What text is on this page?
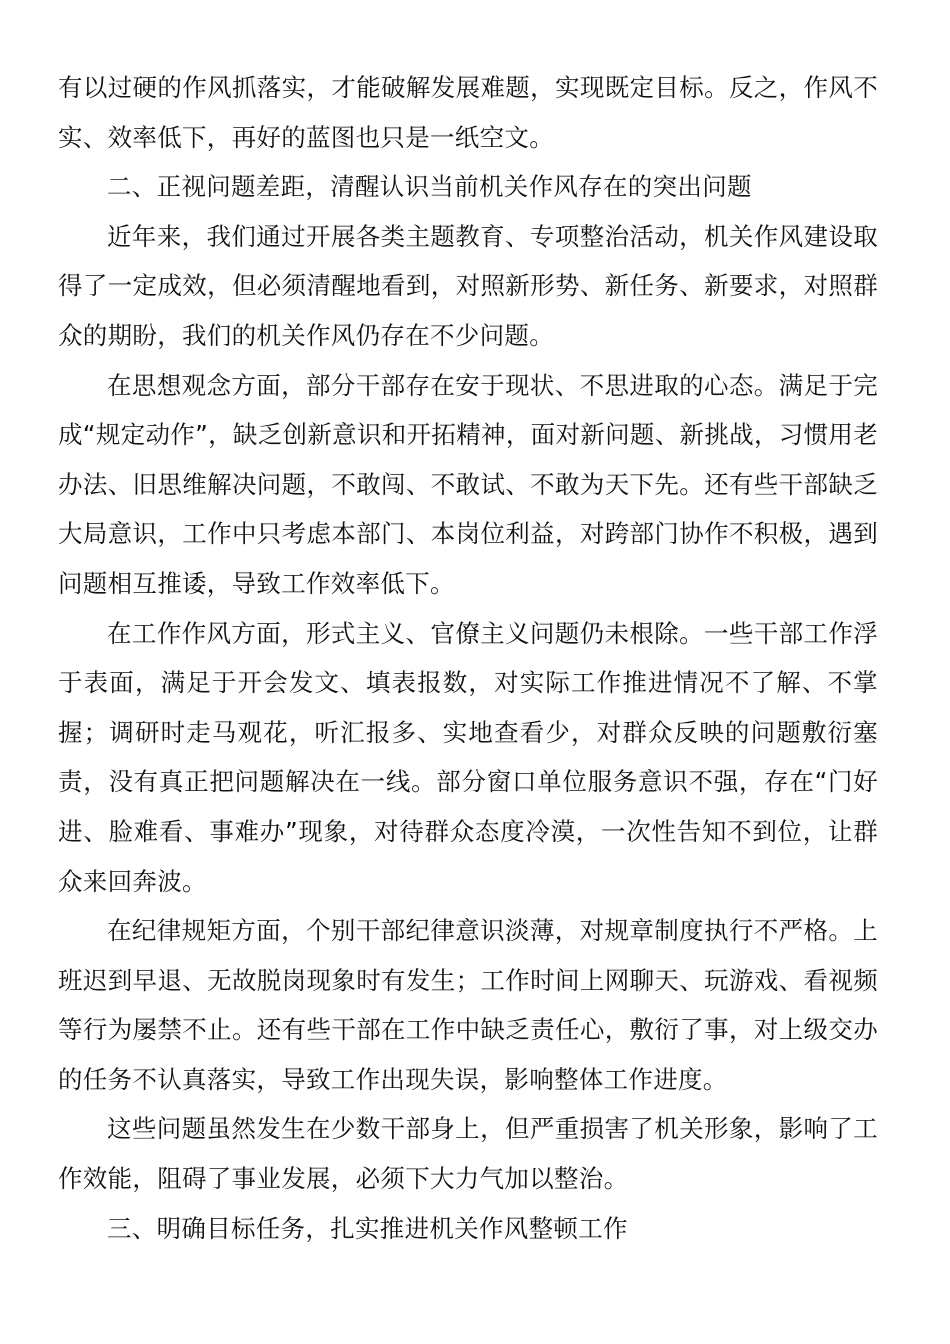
有以过硬的作风抓落实，才能破解发展难题，实现既定目标。反之，作风不实、效率低下，再好的蓝图也只是一纸空文。

二、正视问题差距，清醒认识当前机关作风存在的突出问题

近年来，我们通过开展各类主题教育、专项整治活动，机关作风建设取得了一定成效，但必须清醒地看到，对照新形势、新任务、新要求，对照群众的期盼，我们的机关作风仍存在不少问题。

在思想观念方面，部分干部存在安于现状、不思进取的心态。满足于完成“规定动作”，缺乏创新意识和开拓精神，面对新问题、新挑战，习惯用老办法、旧思维解决问题，不敢闯、不敢试、不敢为天下先。还有些干部缺乏大局意识，工作中只考虑本部门、本岗位利益，对跨部门协作不积极，遇到问题相互推诿，导致工作效率低下。

在工作作风方面，形式主义、官僚主义问题仍未根除。一些干部工作浮于表面，满足于开会发文、填表报数，对实际工作推进情况不了解、不掌握；调研时走马观花，听汇报多、实地查看少，对群众反映的问题敷衍塞责，没有真正把问题解决在一线。部分窗口单位服务意识不强，存在“门好进、脸难看、事难办”现象，对待群众态度冷漠，一次性告知不到位，让群众来回奔波。

在纪律规矩方面，个别干部纪律意识淡薄，对规章制度执行不严格。上班迟到早退、无故脱岗现象时有发生；工作时间上网聊天、玩游戏、看视频等行为屡禁不止。还有些干部在工作中缺乏责任心，敷衍了事，对上级交办的任务不认真落实，导致工作出现失误，影响整体工作进度。

这些问题虽然发生在少数干部身上，但严重损害了机关形象，影响了工作效能，阻碍了事业发展，必须下大力气加以整治。

三、明确目标任务，扎实推进机关作风整顿工作
